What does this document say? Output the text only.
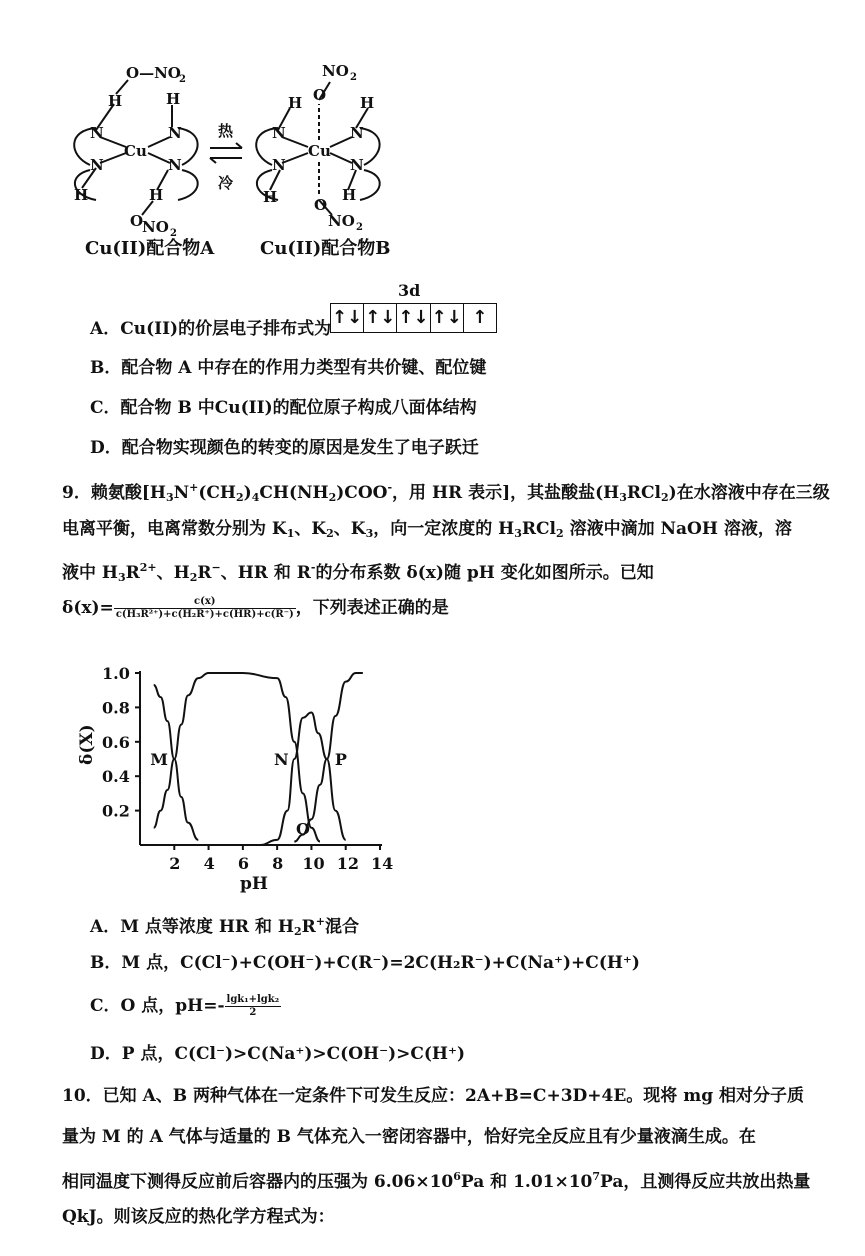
O—NO
2
H	H
N	N
Cu
N	N
H	H
O
NO 2
热
冷
NO 2
O
H	H
N	N
Cu
N	N
H	H
O
NO 2
Cu(II)配合物A	Cu(II)配合物B
3d
A．Cu(II)的价层电子排布式为
↑↓ ↑↓ ↑↓ ↑↓ ↑
B．配合物 A 中存在的作用力类型有共价键、配位键
C．配合物 B 中Cu(II)的配位原子构成八面体结构
D．配合物实现颜色的转变的原因是发生了电子跃迁
9．赖氨酸[$H_3N^+(CH_2)_4CH(NH_2)COO^-$，用 HR 表示]，其盐酸盐$(H_3RCl_2)$在水溶液中存在三级
电离平衡，电离常数分别为 $K_1$、$K_2$、$K_3$，向一定浓度的 $H_3RCl_2$ 溶液中滴加 NaOH 溶液，溶
液中 $H_3R^{2+}$、$H_2R^-$、HR 和 R-的分布系数 δ(x)随 pH 变化如图所示。已知
$\delta(x)= \frac{c(x)}{\text{c(H₃R²⁺)+c(H₂R⁺)+c(HR)+c(R⁻)}}$ ，下列表述正确的是
2 4 6 8 10 12 14
0.2
0.4
0.6
0.8
1.0
M	N
O
P
pH
δ(X)
A．M 点等浓度 HR 和 $H_2R^+$混合
B．M 点，C(Cl⁻)+C(OH⁻)+C(R⁻)=2C(H₂R⁻)+C(Na⁺)+C(H⁺)
C．O 点，$pH=- \frac{\text{lgk₁+lgk₂}}{2}$
D．P 点，C(Cl⁻)>C(Na⁺)>C(OH⁻)>C(H⁺)
10．已知 A、B 两种气体在一定条件下可发生反应：2A+B=C+3D+4E。现将 mg 相对分子质
量为 M 的 A 气体与适量的 B 气体充入一密闭容器中，恰好完全反应且有少量液滴生成。在
相同温度下测得反应前后容器内的压强为 $6.06\times 10^6Pa$ 和 $1.01\times 10^7Pa$，且测得反应共放出热量
QkJ。则该反应的热化学方程式为：
